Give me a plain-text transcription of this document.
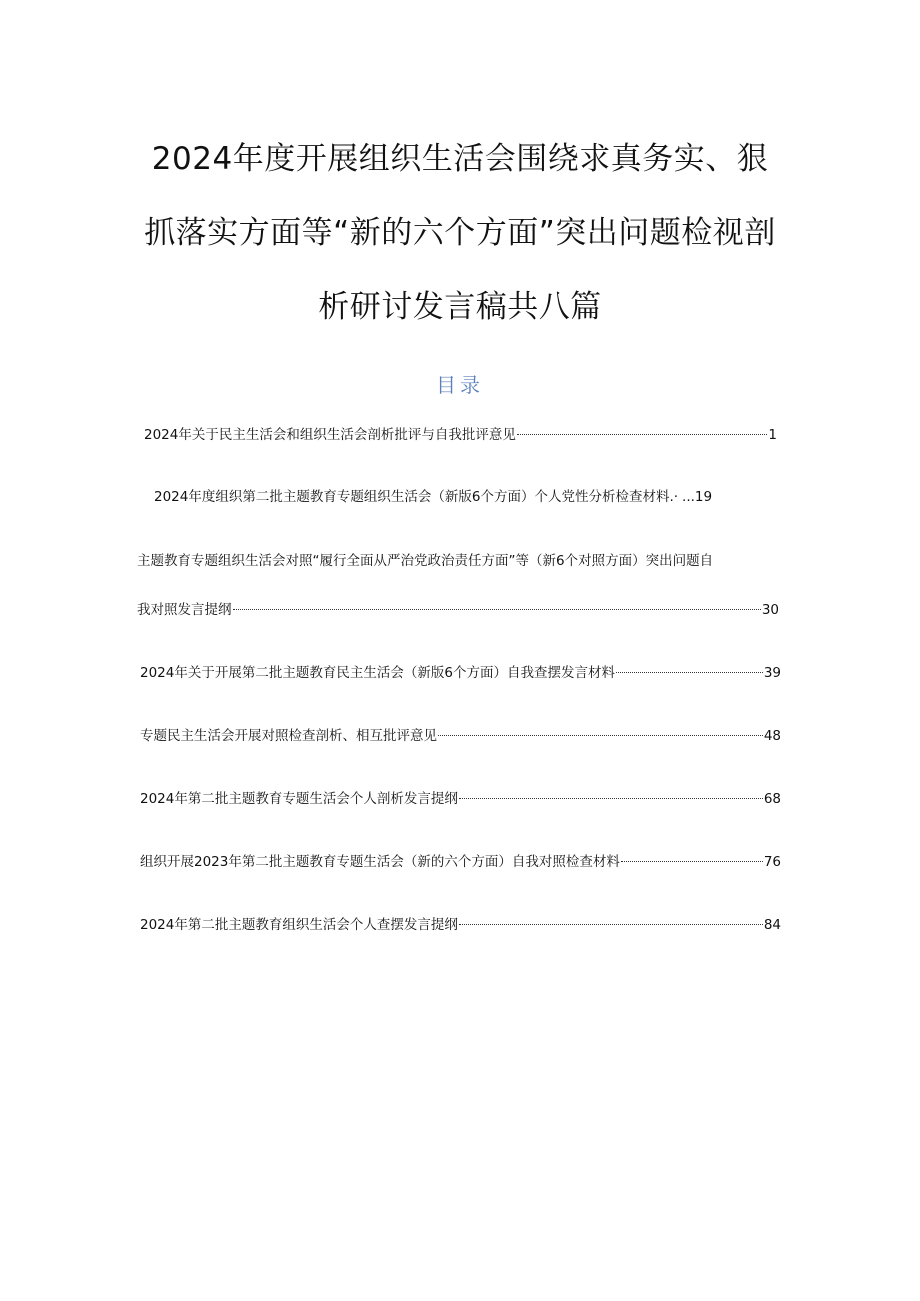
2024年度开展组织生活会围绕求真务实、狠
抓落实方面等“新的六个方面”突出问题检视剖
析研讨发言稿共八篇
目录
2024年关于民主生活会和组织生活会剖析批评与自我批评意见	1
2024年度组织第二批主题教育专题组织生活会（新版6个方面）个人党性分析检查材料.· ...19
主题教育专题组织生活会对照“履行全面从严治党政治责任方面”等（新6个对照方面）突出问题自
我对照发言提纲	30
2024年关于开展第二批主题教育民主生活会（新版6个方面）自我查摆发言材料	39
专题民主生活会开展对照检查剖析、相互批评意见	48
2024年第二批主题教育专题生活会个人剖析发言提纲	68
组织开展2023年第二批主题教育专题生活会（新的六个方面）自我对照检查材料	76
2024年第二批主题教育组织生活会个人查摆发言提纲	84
